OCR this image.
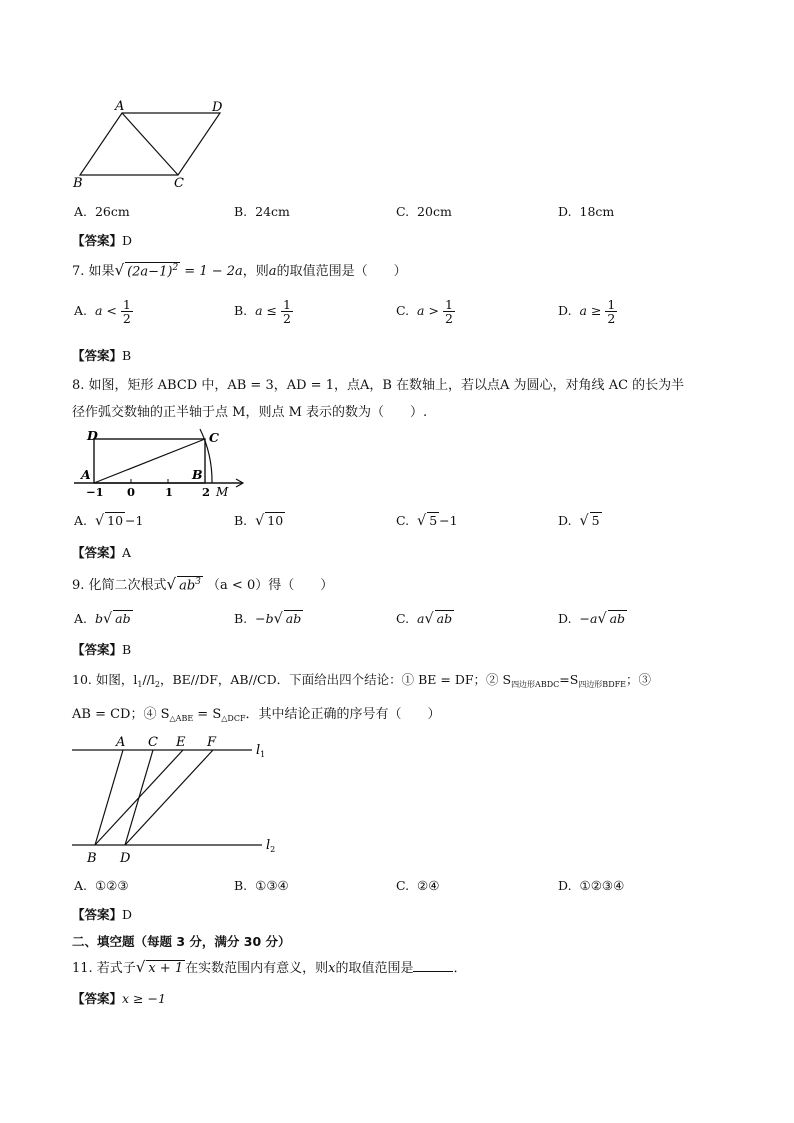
A	D
B	C
A. 26cm	B. 24cm	C. 20cm	D. 18cm
【答案】D
7. 如果√ $(2a-1)^2 = 1 - 2a$，则a的取值范围是（　　）
A. $a < \frac{1}{2}$	B. $a \le \frac{1}{2}$	C. $a > \frac{1}{2}$	D. $a \ge \frac{1}{2}$
【答案】B
8. 如图，矩形 ABCD 中，AB = 3，AD = 1，点A，B 在数轴上，若以点A 为圆心，对角线 AC 的长为半
径作弧交数轴的正半轴于点 M，则点 M 表示的数为（　　）.
D	C
A	B
M
−1 0	1	2
A. √ 10 −1	B. √ 10	C. √ 5 −1	D. √ 5
【答案】A
9. 化简二次根式√ $ab^3$ （a < 0）得（　　）
A. b√ ab	B. −b√ ab	C. a√ ab	D. −a√ ab
【答案】B
10. 如图，$l_1//l_2$，BE//DF，AB//CD．下面给出四个结论：① BE = DF；② $S_{四边形ABDC}=S_{四边形BDFE}$；③
AB = CD；④ $S_{\triangle ABE} = S_{\triangle DCF}$．其中结论正确的序号有（　　）
A C E F
$l_1$
$l_2$
B D
A. ①②③	B. ①③④	C. ②④	D. ①②③④
【答案】D
二、填空题（每题 3 分，满分 30 分）
11. 若式子√ x + 1 在实数范围内有意义，则x的取值范围是	．
【答案】x ≥ −1
